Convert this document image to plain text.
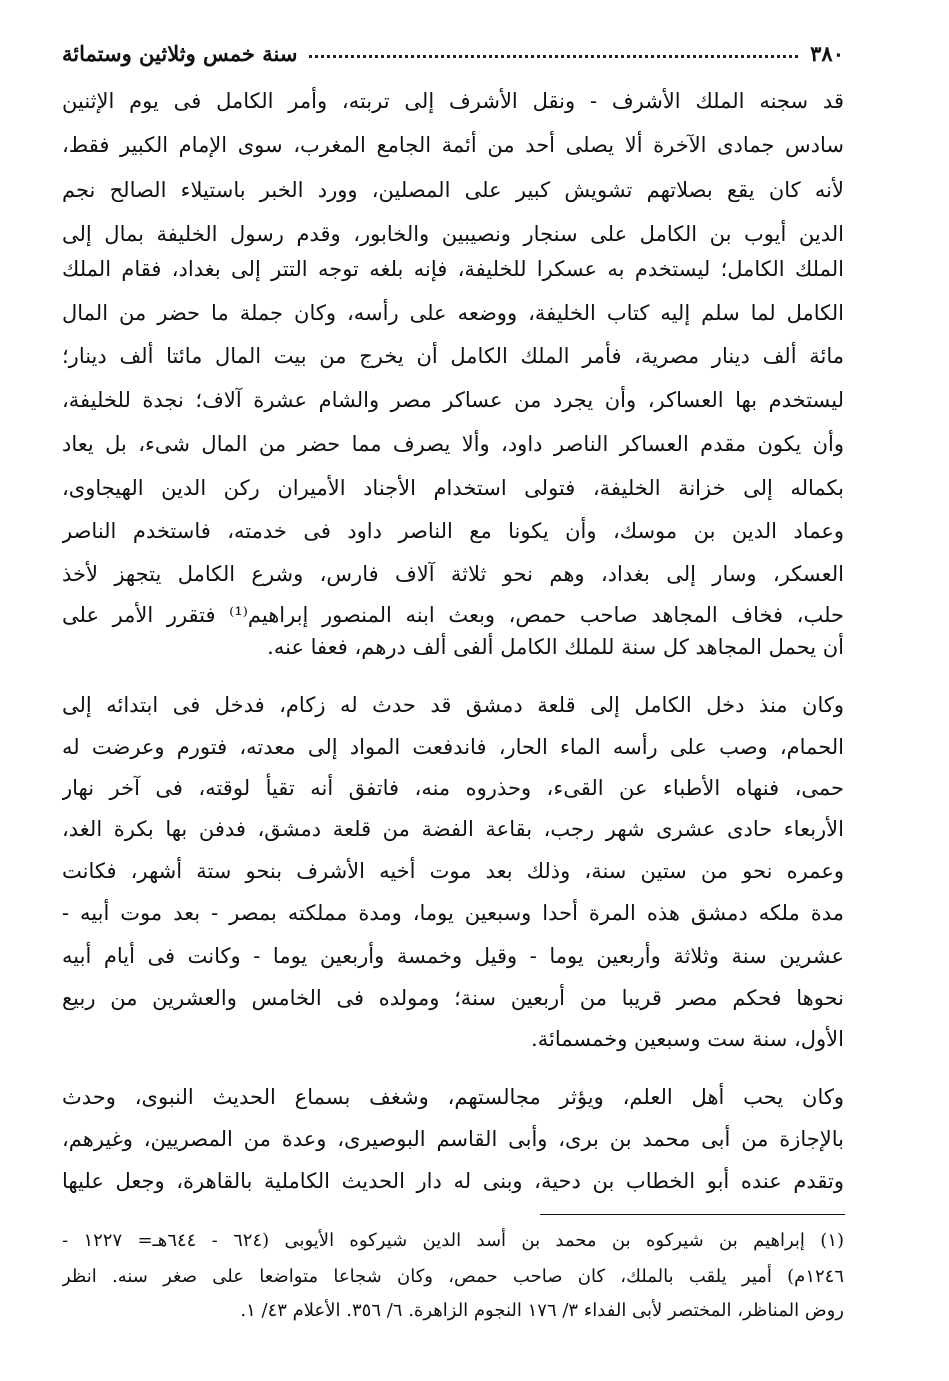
٣٨٠
سنة خمس وثلاثين وستمائة
قد سجنه الملك الأشرف - ونقل الأشرف إلى تربته، وأمر الكامل فى يوم الإثنين
سادس جمادى الآخرة ألا يصلى أحد من أئمة الجامع المغرب، سوى الإمام الكبير فقط،
لأنه كان يقع بصلاتهم تشويش كبير على المصلين، وورد الخبر باستيلاء الصالح نجم
الدين أيوب بن الكامل على سنجار ونصيبين والخابور، وقدم رسول الخليفة بمال إلى
الملك الكامل؛ ليستخدم به عسكرا للخليفة، فإنه بلغه توجه التتر إلى بغداد، فقام الملك
الكامل لما سلم إليه كتاب الخليفة، ووضعه على رأسه، وكان جملة ما حضر من المال
مائة ألف دينار مصرية، فأمر الملك الكامل أن يخرج من بيت المال مائتا ألف دينار؛
ليستخدم بها العساكر، وأن يجرد من عساكر مصر والشام عشرة آلاف؛ نجدة للخليفة،
وأن يكون مقدم العساكر الناصر داود، وألا يصرف مما حضر من المال شىء، بل يعاد
بكماله إلى خزانة الخليفة، فتولى استخدام الأجناد الأميران ركن الدين الهيجاوى،
وعماد الدين بن موسك، وأن يكونا مع الناصر داود فى خدمته، فاستخدم الناصر
العسكر، وسار إلى بغداد، وهم نحو ثلاثة آلاف فارس، وشرع الكامل يتجهز لأخذ
حلب، فخاف المجاهد صاحب حمص، وبعث ابنه المنصور إبراهيم⁽¹⁾ فتقرر الأمر على
أن يحمل المجاهد كل سنة للملك الكامل ألفى ألف درهم، فعفا عنه.
وكان منذ دخل الكامل إلى قلعة دمشق قد حدث له زكام، فدخل فى ابتدائه إلى
الحمام، وصب على رأسه الماء الحار، فاندفعت المواد إلى معدته، فتورم وعرضت له
حمى، فنهاه الأطباء عن القىء، وحذروه منه، فاتفق أنه تقيأ لوقته، فى آخر نهار
الأربعاء حادى عشرى شهر رجب، بقاعة الفضة من قلعة دمشق، فدفن بها بكرة الغد،
وعمره نحو من ستين سنة، وذلك بعد موت أخيه الأشرف بنحو ستة أشهر، فكانت
مدة ملكه دمشق هذه المرة أحدا وسبعين يوما، ومدة مملكته بمصر - بعد موت أبيه -
عشرين سنة وثلاثة وأربعين يوما - وقيل وخمسة وأربعين يوما - وكانت فى أيام أبيه
نحوها فحكم مصر قريبا من أربعين سنة؛ ومولده فى الخامس والعشرين من ربيع
الأول، سنة ست وسبعين وخمسمائة.
وكان يحب أهل العلم، ويؤثر مجالستهم، وشغف بسماع الحديث النبوى، وحدث
بالإجازة من أبى محمد بن برى، وأبى القاسم البوصيرى، وعدة من المصريين، وغيرهم،
وتقدم عنده أبو الخطاب بن دحية، وبنى له دار الحديث الكاملية بالقاهرة، وجعل عليها
(١) إبراهيم بن شيركوه بن محمد بن أسد الدين شيركوه الأيوبى (٦٢٤ - ٦٤٤هـ= ١٢٢٧ -
١٢٤٦م) أمير يلقب بالملك، كان صاحب حمص، وكان شجاعا متواضعا على صغر سنه. انظر
روض المناظر، المختصر لأبى الفداء ٣/ ١٧٦ النجوم الزاهرة. ٦/ ٣٥٦. الأعلام ٤٣/ ١.
